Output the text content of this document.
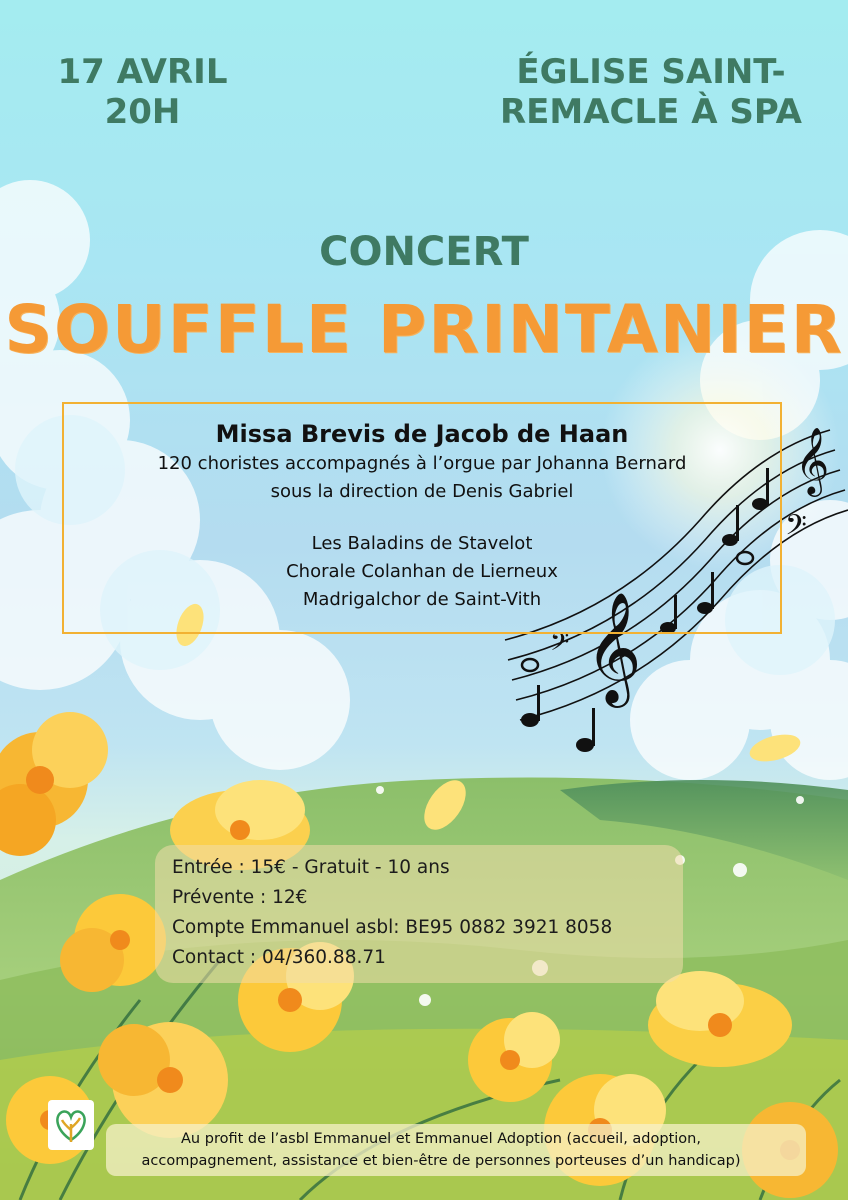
𝄞
𝄞
𝄢
𝄢
17 AVRIL
20H
ÉGLISE SAINT-
REMACLE À SPA
CONCERT
SOUFFLE PRINTANIER
Missa Brevis de Jacob de Haan
120 choristes accompagnés à l’orgue par Johanna Bernard
sous la direction de Denis Gabriel
Les Baladins de Stavelot
Chorale Colanhan de Lierneux
Madrigalchor de Saint-Vith
Entrée : 15€ - Gratuit - 10 ans
Prévente : 12€
Compte Emmanuel asbl: BE95 0882 3921 8058
Contact : 04/360.88.71
Au profit de l’asbl Emmanuel et Emmanuel Adoption (accueil, adoption,
accompagnement, assistance et bien-être de personnes porteuses d’un handicap)
